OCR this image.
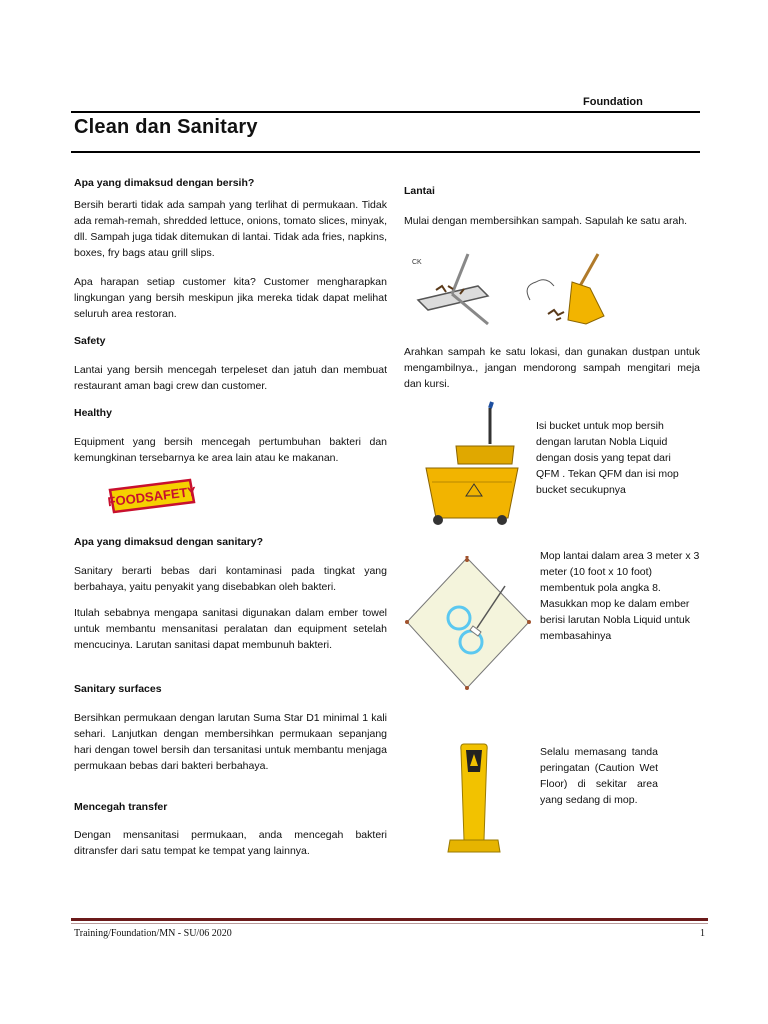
Foundation
Clean dan Sanitary
Apa yang dimaksud dengan bersih?
Bersih berarti tidak ada sampah yang terlihat di permukaan. Tidak ada remah-remah, shredded lettuce, onions, tomato slices, minyak, dll. Sampah juga tidak ditemukan di lantai. Tidak ada fries, napkins, boxes, fry bags atau grill slips.
Apa harapan setiap customer kita? Customer mengharapkan lingkungan yang bersih meskipun jika mereka tidak dapat melihat seluruh area restoran.
Safety
Lantai yang bersih mencegah terpeleset dan jatuh dan membuat restaurant aman bagi crew dan customer.
Healthy
Equipment yang bersih mencegah pertumbuhan bakteri dan kemungkinan tersebarnya ke area lain atau ke makanan.
FOODSAFETY
Apa yang dimaksud dengan sanitary?
Sanitary berarti bebas dari kontaminasi pada tingkat yang berbahaya, yaitu penyakit yang disebabkan oleh bakteri.
Itulah sebabnya mengapa sanitasi digunakan dalam ember towel untuk membantu mensanitasi peralatan dan equipment setelah mencucinya. Larutan sanitasi dapat membunuh bakteri.
Sanitary surfaces
Bersihkan permukaan dengan larutan Suma Star D1 minimal 1 kali sehari. Lanjutkan dengan membersihkan permukaan sepanjang hari dengan towel bersih dan tersanitasi untuk membantu menjaga permukaan bebas dari bakteri berbahaya.
Mencegah transfer
Dengan mensanitasi permukaan, anda mencegah bakteri ditransfer dari satu tempat ke tempat yang lainnya.
Lantai
Mulai dengan membersihkan sampah. Sapulah ke satu arah.
CK
Arahkan sampah ke satu lokasi, dan gunakan dustpan untuk mengambilnya., jangan mendorong sampah mengitari meja dan kursi.
Isi bucket untuk mop bersih dengan larutan Nobla Liquid dengan dosis yang tepat dari QFM . Tekan QFM dan isi mop bucket secukupnya
Mop lantai dalam area 3 meter x 3 meter (10 foot x 10 foot) membentuk pola angka 8. Masukkan mop ke dalam ember berisi larutan Nobla Liquid untuk membasahinya
Selalu memasang tanda peringatan (Caution Wet Floor) di sekitar area yang sedang di mop.
Training/Foundation/MN - SU/06 2020	1
